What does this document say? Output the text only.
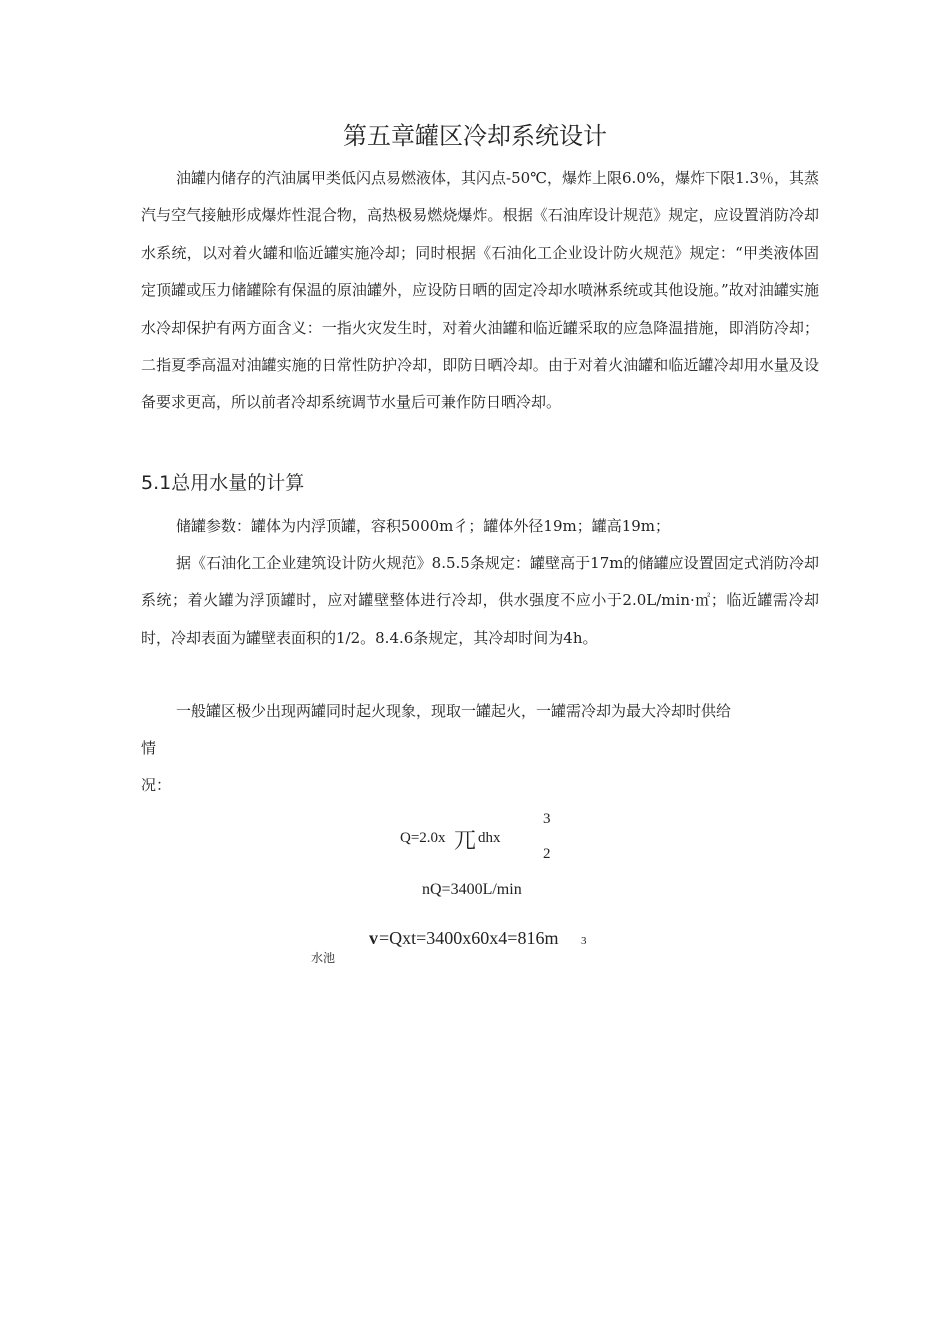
第五章罐区冷却系统设计

油罐内储存的汽油属甲类低闪点易燃液体，其闪点-50℃，爆炸上限6.0%，爆炸下限1.3％，其蒸汽与空气接触形成爆炸性混合物，高热极易燃烧爆炸。根据《石油库设计规范》规定，应设置消防冷却水系统，以对着火罐和临近罐实施冷却；同时根据《石油化工企业设计防火规范》规定：“甲类液体固定顶罐或压力储罐除有保温的原油罐外，应设防日晒的固定冷却水喷淋系统或其他设施。”故对油罐实施水冷却保护有两方面含义：一指火灾发生时，对着火油罐和临近罐采取的应急降温措施，即消防冷却；二指夏季高温对油罐实施的日常性防护冷却，即防日晒冷却。由于对着火油罐和临近罐冷却用水量及设备要求更高，所以前者冷却系统调节水量后可兼作防日晒冷却。

5.1总用水量的计算

储罐参数：罐体为内浮顶罐，容积5000m彳；罐体外径19m；罐高19m；

据《石油化工企业建筑设计防火规范》8.5.5条规定：罐壁高于17m的储罐应设置固定式消防冷却系统；着火罐为浮顶罐时，应对罐壁整体进行冷却，供水强度不应小于2.0L/min·㎡；临近罐需冷却时，冷却表面为罐壁表面积的1/2。8.4.6条规定，其冷却时间为4h。

一般罐区极少出现两罐同时起火现象，现取一罐起火，一罐需冷却为最大冷却时供给
情
况：
Q=2.0x 兀 dhx
3
2
nQ=3400L/min
v =Qxt=3400x60x4=816m 3
水池
